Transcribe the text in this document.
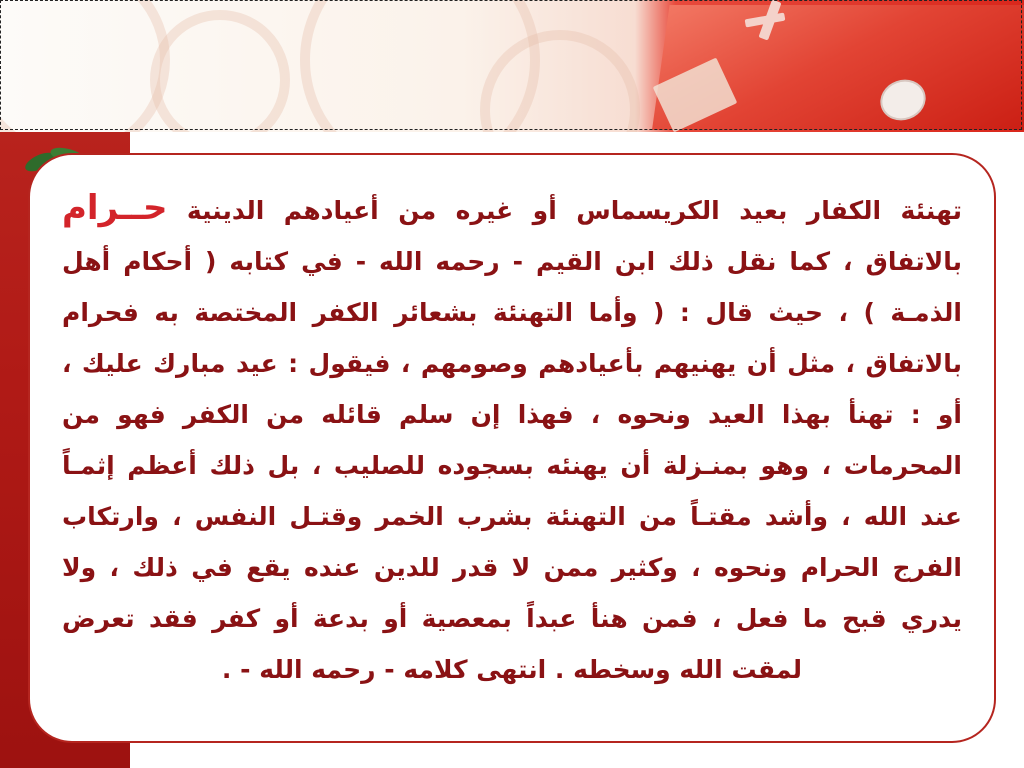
تهنئة الكفار بعيد الكريسماس أو غيره من أعيادهم الدينية حــرام بالاتفاق ، كما نقل ذلك ابن القيم - رحمه الله - في كتابه ( أحكام أهل الذمـة ) ، حيث قال : ( وأما التهنئة بشعائر الكفر المختصة به فحرام بالاتفاق ، مثل أن يهنيهم بأعيادهم وصومهم ، فيقول : عيد مبارك عليك ، أو : تهنأ بهذا العيد ونحوه ، فهذا إن سلم قائله من الكفر فهو من المحرمات ، وهو بمنـزلة أن يهنئه بسجوده للصليب ، بل ذلك أعظم إثمـاً عند الله ، وأشد مقتـاً من التهنئة بشرب الخمر وقتـل النفس ، وارتكاب الفرج الحرام ونحوه ، وكثير ممن لا قدر للدين عنده يقع في ذلك ، ولا يدري قبح ما فعل ، فمن هنأ عبداً بمعصية أو بدعة أو كفر فقد تعرض لمقت الله وسخطه . انتهى كلامه - رحمه الله - .
